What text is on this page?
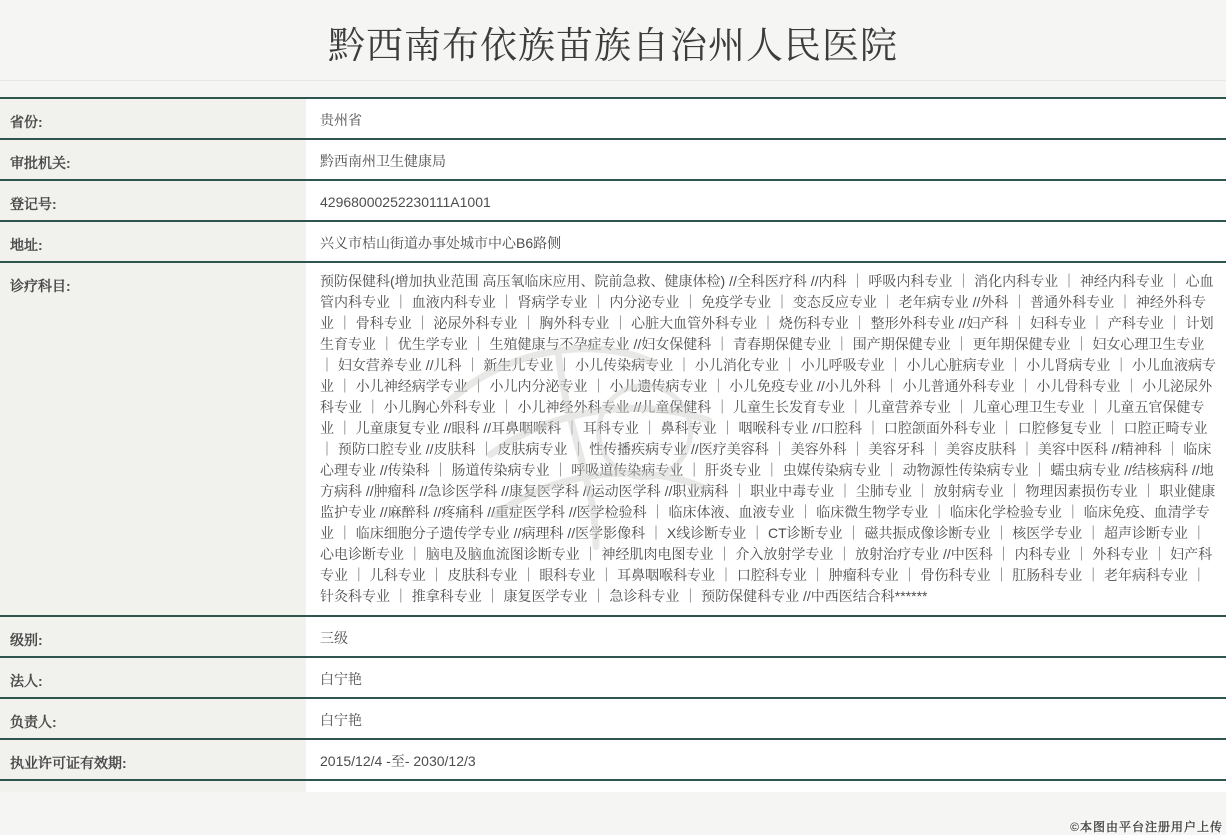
黔西南布依族苗族自治州人民医院
省份:	贵州省
审批机关:	黔西南州卫生健康局
登记号:	42968000252230111A1001
地址:	兴义市桔山街道办事处城市中心B6路侧
诊疗科目:	预防保健科(增加执业范围 高压氧临床应用、院前急救、健康体检) //全科医疗科 //内科 ｜ 呼吸内科专业 ｜ 消化内科专业 ｜ 神经内科专业 ｜ 心血管内科专业 ｜ 血液内科专业 ｜ 肾病学专业 ｜ 内分泌专业 ｜ 免疫学专业 ｜ 变态反应专业 ｜ 老年病专业 //外科 ｜ 普通外科专业 ｜ 神经外科专业 ｜ 骨科专业 ｜ 泌尿外科专业 ｜ 胸外科专业 ｜ 心脏大血管外科专业 ｜ 烧伤科专业 ｜ 整形外科专业 //妇产科 ｜ 妇科专业 ｜ 产科专业 ｜ 计划生育专业 ｜ 优生学专业 ｜ 生殖健康与不孕症专业 //妇女保健科 ｜ 青春期保健专业 ｜ 围产期保健专业 ｜ 更年期保健专业 ｜ 妇女心理卫生专业 ｜ 妇女营养专业 //儿科 ｜ 新生儿专业 ｜ 小儿传染病专业 ｜ 小儿消化专业 ｜ 小儿呼吸专业 ｜ 小儿心脏病专业 ｜ 小儿肾病专业 ｜ 小儿血液病专业 ｜ 小儿神经病学专业 ｜ 小儿内分泌专业 ｜ 小儿遗传病专业 ｜ 小儿免疫专业 //小儿外科 ｜ 小儿普通外科专业 ｜ 小儿骨科专业 ｜ 小儿泌尿外科专业 ｜ 小儿胸心外科专业 ｜ 小儿神经外科专业 //儿童保健科 ｜ 儿童生长发育专业 ｜ 儿童营养专业 ｜ 儿童心理卫生专业 ｜ 儿童五官保健专业 ｜ 儿童康复专业 //眼科 //耳鼻咽喉科 ｜ 耳科专业 ｜ 鼻科专业 ｜ 咽喉科专业 //口腔科 ｜ 口腔颌面外科专业 ｜ 口腔修复专业 ｜ 口腔正畸专业 ｜ 预防口腔专业 //皮肤科 ｜ 皮肤病专业 ｜ 性传播疾病专业 //医疗美容科 ｜ 美容外科 ｜ 美容牙科 ｜ 美容皮肤科 ｜ 美容中医科 //精神科 ｜ 临床心理专业 //传染科 ｜ 肠道传染病专业 ｜ 呼吸道传染病专业 ｜ 肝炎专业 ｜ 虫媒传染病专业 ｜ 动物源性传染病专业 ｜ 蠕虫病专业 //结核病科 //地方病科 //肿瘤科 //急诊医学科 //康复医学科 //运动医学科 //职业病科 ｜ 职业中毒专业 ｜ 尘肺专业 ｜ 放射病专业 ｜ 物理因素损伤专业 ｜ 职业健康监护专业 //麻醉科 //疼痛科 //重症医学科 //医学检验科 ｜ 临床体液、血液专业 ｜ 临床微生物学专业 ｜ 临床化学检验专业 ｜ 临床免疫、血清学专业 ｜ 临床细胞分子遗传学专业 //病理科 //医学影像科 ｜ X线诊断专业 ｜ CT诊断专业 ｜ 磁共振成像诊断专业 ｜ 核医学专业 ｜ 超声诊断专业 ｜ 心电诊断专业 ｜ 脑电及脑血流图诊断专业 ｜ 神经肌肉电图专业 ｜ 介入放射学专业 ｜ 放射治疗专业 //中医科 ｜ 内科专业 ｜ 外科专业 ｜ 妇产科专业 ｜ 儿科专业 ｜ 皮肤科专业 ｜ 眼科专业 ｜ 耳鼻咽喉科专业 ｜ 口腔科专业 ｜ 肿瘤科专业 ｜ 骨伤科专业 ｜ 肛肠科专业 ｜ 老年病科专业 ｜ 针灸科专业 ｜ 推拿科专业 ｜ 康复医学专业 ｜ 急诊科专业 ｜ 预防保健科专业 //中西医结合科******
级别:	三级
法人:	白宁艳
负责人:	白宁艳
执业许可证有效期:	2015/12/4 -至- 2030/12/3
©本图由平台注册用户上传
